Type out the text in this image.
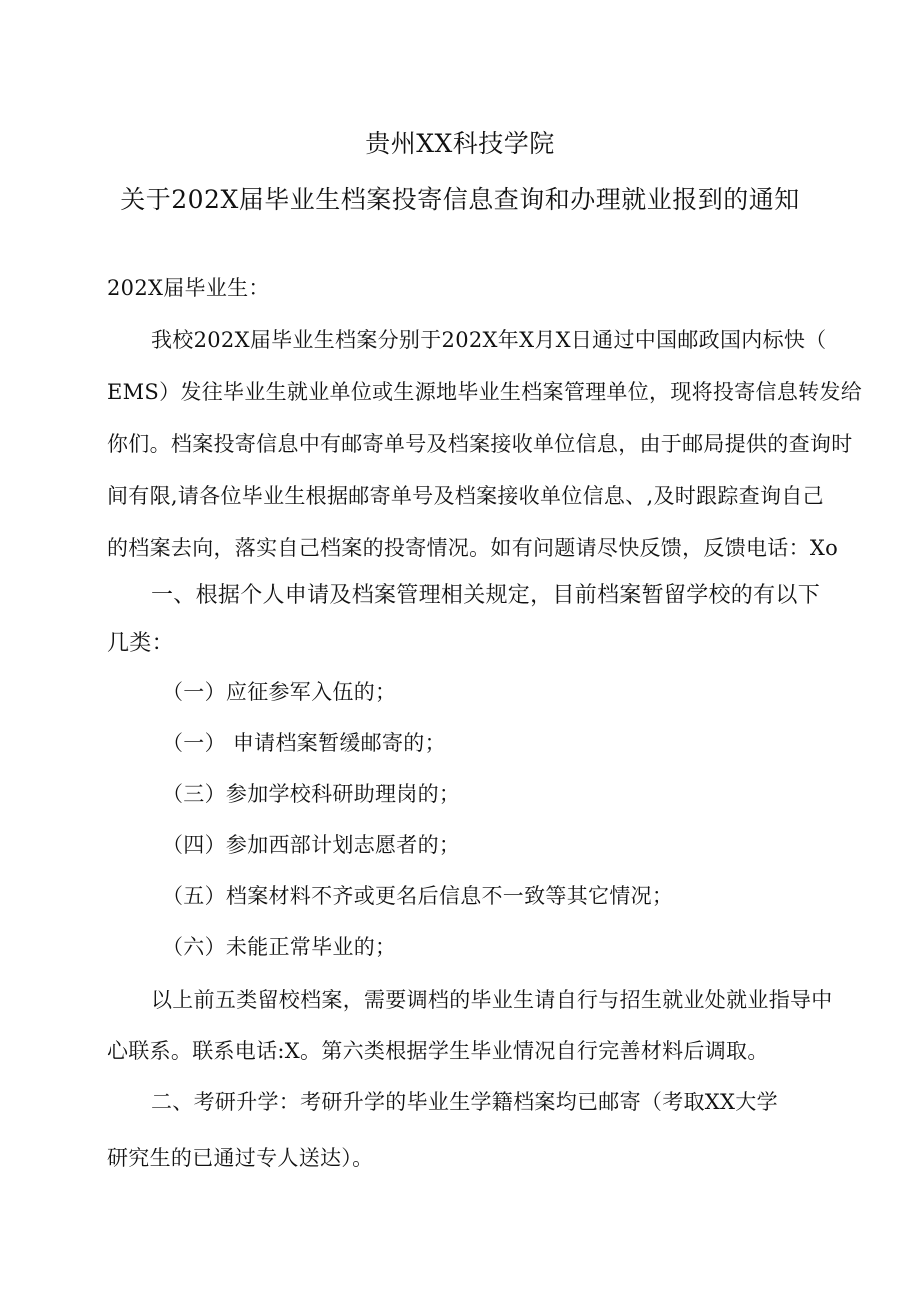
贵州XX科技学院
关于202X届毕业生档案投寄信息查询和办理就业报到的通知
202X届毕业生：
我校202X届毕业生档案分别于202X年X月X日通过中国邮政国内标快（
EMS）发往毕业生就业单位或生源地毕业生档案管理单位，现将投寄信息转发给
你们。档案投寄信息中有邮寄单号及档案接收单位信息，由于邮局提供的查询时
间有限,请各位毕业生根据邮寄单号及档案接收单位信息、,及时跟踪查询自己
的档案去向，落实自己档案的投寄情况。如有问题请尽快反馈，反馈电话：Xo
一、根据个人申请及档案管理相关规定，目前档案暂留学校的有以下
几类：
（一）应征参军入伍的；
（一） 申请档案暂缓邮寄的；
（三）参加学校科研助理岗的；
（四）参加西部计划志愿者的；
（五）档案材料不齐或更名后信息不一致等其它情况；
（六）未能正常毕业的；
以上前五类留校档案，需要调档的毕业生请自行与招生就业处就业指导中
心联系。联系电话:X。第六类根据学生毕业情况自行完善材料后调取。
二、考研升学：考研升学的毕业生学籍档案均已邮寄（考取XX大学
研究生的已通过专人送达）。
